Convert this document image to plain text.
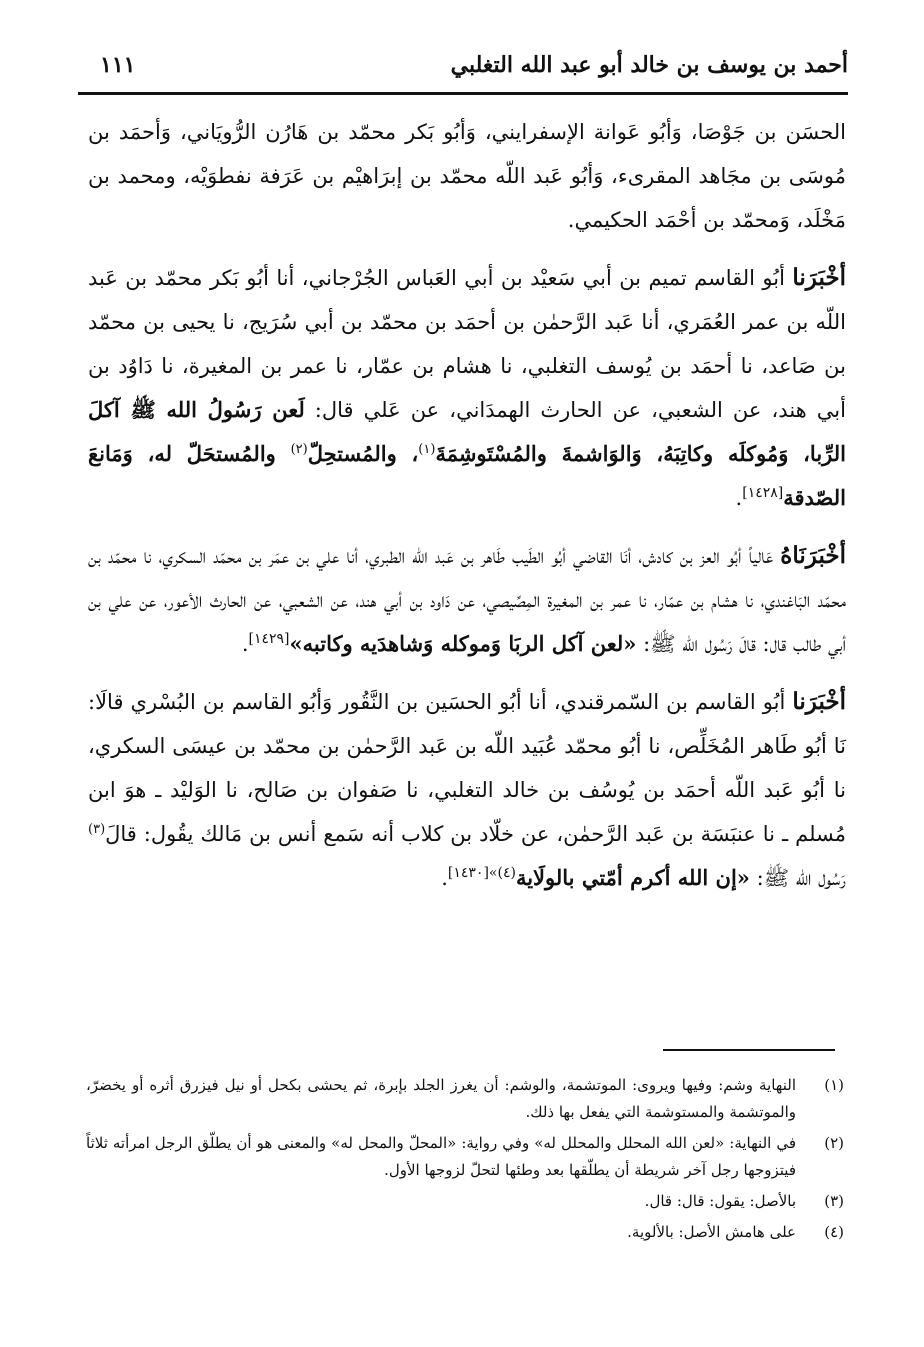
أحمد بن يوسف بن خالد أبو عبد الله التغلبي
١١١

الحسَن بن جَوْصَا، وَأبُو عَوانة الإسفرايني، وَأبُو بَكر محمّد بن هَارُن الرُّويَاني، وَأحمَد بن مُوسَى بن مجَاهد المقرىء، وَأبُو عَبد اللّه محمّد بن إبرَاهيْم بن عَرَفة نفطوَيْه، ومحمد بن مَخْلَد، وَمحمّد بن أحْمَد الحكيمي.

أخْبَرَنا أبُو القاسم تميم بن أبي سَعيْد بن أبي العَباس الجُرْجاني، أنا أبُو بَكر محمّد بن عَبد اللّه بن عمر العُمَري، أنا عَبد الرَّحمٰن بن أحمَد بن محمّد بن أبي سُرَيج، نا يحيى بن محمّد بن صَاعد، نا أحمَد بن يُوسف التغلبي، نا هشام بن عمّار، نا عمر بن المغيرة، نا دَاوُد بن أبي هند، عن الشعبي، عن الحارث الهمدَاني، عن عَلي قال: لَعن رَسُولُ الله ﷺ آكلَ الرِّبا، وَمُوكلَه وكاتِبَهُ، وَالوَاشمةَ والمُسْتَوشِمَةَ$^{(١)}$، والمُستحِلّ$^{(٢)}$ والمُستحَلّ له، وَمَانعَ الصّدقة[١٤٢٨].

أخْبَرَنَاهُ عَالياً أبُو العز بن كادش، أنَا القاضي أبُو الطَيب طَاهر بن عَبد اللّه الطبري، أنا علي بن عمَر بن محمّد السكري، نا محمّد بن محمّد البَاغندي، نا هشام بن عمّار، نا عمر بن المغيرة المِصِّيصي، عن دَاود بن أبي هند، عن الشعبي، عن الحارث الأعور، عن علي بن أبي طالب قال: قالَ رَسُول الله ﷺ: «لعن آكل الربَا وَموكله وَشاهدَيه وكاتبه»[١٤٢٩].

أخْبَرَنا أبُو القاسم بن السّمرقندي، أنا أبُو الحسَين بن النَّقُور وَأبُو القاسم بن البُسْري قالَا: نَا أبُو طَاهر المُخَلِّص، نا أبُو محمّد عُبَيد اللّه بن عَبد الرَّحمٰن بن محمّد بن عيسَى السكري، نا أبُو عَبد اللّه أحمَد بن يُوسُف بن خالد التغلبي، نا صَفوان بن صَالح، نا الوَليْد ـ هوَ ابن مُسلم ـ نا عنبَسَة بن عَبد الرَّحمٰن، عن خلّاد بن كلاب أنه سَمع أنس بن مَالك يقُول: قالَ$^{(٣)}$ رَسُول الله ﷺ: «إن الله أكرم أمّتي بالولَاية$^{(٤)»[١٤٣٠]}$.

(١)
النهاية وشم: وفيها ويروى: الموتشمة، والوشم: أن يغرز الجلد بإبرة، ثم يحشى بكحل أو نيل فيزرق أثره أو يخضرّ، والموتشمة والمستوشمة التي يفعل بها ذلك.
(٢)
في النهاية: «لعن الله المحلل والمحلل له» وفي رواية: «المحلّ والمحل له» والمعنى هو أن يطلّق الرجل امرأته ثلاثاً فيتزوجها رجل آخر شريطة أن يطلّقها بعد وطئها لتحلّ لزوجها الأول.
(٣)
بالأصل: يقول: قال: قال.
(٤)
على هامش الأصل: بالألوية.
